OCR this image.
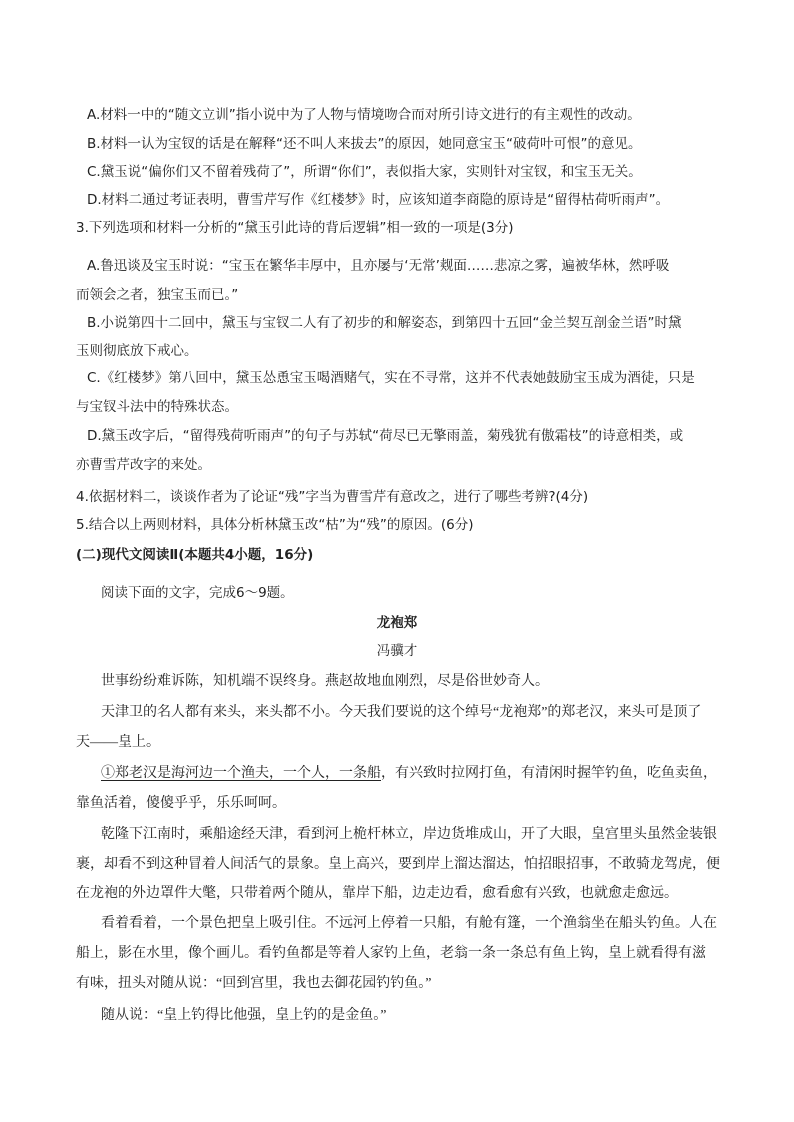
A.材料一中的“随文立训”指小说中为了人物与情境吻合而对所引诗文进行的有主观性的改动。
B.材料一认为宝钗的话是在解释“还不叫人来拔去”的原因，她同意宝玉“破荷叶可恨”的意见。
C.黛玉说“偏你们又不留着残荷了”，所谓“你们”，表似指大家，实则针对宝钗，和宝玉无关。
D.材料二通过考证表明，曹雪芹写作《红楼梦》时，应该知道李商隐的原诗是“留得枯荷听雨声”。
3.下列选项和材料一分析的“黛玉引此诗的背后逻辑”相一致的一项是(3分)
A.鲁迅谈及宝玉时说：“宝玉在繁华丰厚中，且亦屡与‘无常’觌面……悲凉之雾，遍被华林，然呼吸
而领会之者，独宝玉而已。”
B.小说第四十二回中，黛玉与宝钗二人有了初步的和解姿态，到第四十五回“金兰契互剖金兰语”时黛
玉则彻底放下戒心。
C.《红楼梦》第八回中，黛玉怂恿宝玉喝酒赌气，实在不寻常，这并不代表她鼓励宝玉成为酒徒，只是
与宝钗斗法中的特殊状态。
D.黛玉改字后，“留得残荷听雨声”的句子与苏轼“荷尽已无擎雨盖，菊残犹有傲霜枝”的诗意相类，或
亦曹雪芹改字的来处。
4.依据材料二，谈谈作者为了论证“残”字当为曹雪芹有意改之，进行了哪些考辨?(4分)
5.结合以上两则材料，具体分析林黛玉改“枯”为“残”的原因。(6分)
(二)现代文阅读Ⅱ(本题共4小题，16分)
阅读下面的文字，完成6～9题。
龙袍郑
冯骥才
世事纷纷难诉陈，知机端不误终身。燕赵故地血刚烈，尽是俗世妙奇人。
天津卫的名人都有来头，来头都不小。今天我们要说的这个绰号“龙袍郑”的郑老汉，来头可是顶了
天——皇上。
①郑老汉是海河边一个渔夫，一个人，一条船，有兴致时拉网打鱼，有清闲时握竿钓鱼，吃鱼卖鱼，
靠鱼活着，傻傻乎乎，乐乐呵呵。
乾隆下江南时，乘船途经天津，看到河上桅杆林立，岸边货堆成山，开了大眼，皇宫里头虽然金装银
裹，却看不到这种冒着人间活气的景象。皇上高兴，要到岸上溜达溜达，怕招眼招事，不敢骑龙驾虎，便
在龙袍的外边罩件大氅，只带着两个随从，靠岸下船，边走边看，愈看愈有兴致，也就愈走愈远。
看着看着，一个景色把皇上吸引住。不远河上停着一只船，有舱有篷，一个渔翁坐在船头钓鱼。人在
船上，影在水里，像个画儿。看钓鱼都是等着人家钓上鱼，老翁一条一条总有鱼上钩，皇上就看得有滋
有味，扭头对随从说：“回到宫里，我也去御花园钓钓鱼。”
随从说：“皇上钓得比他强，皇上钓的是金鱼。”
